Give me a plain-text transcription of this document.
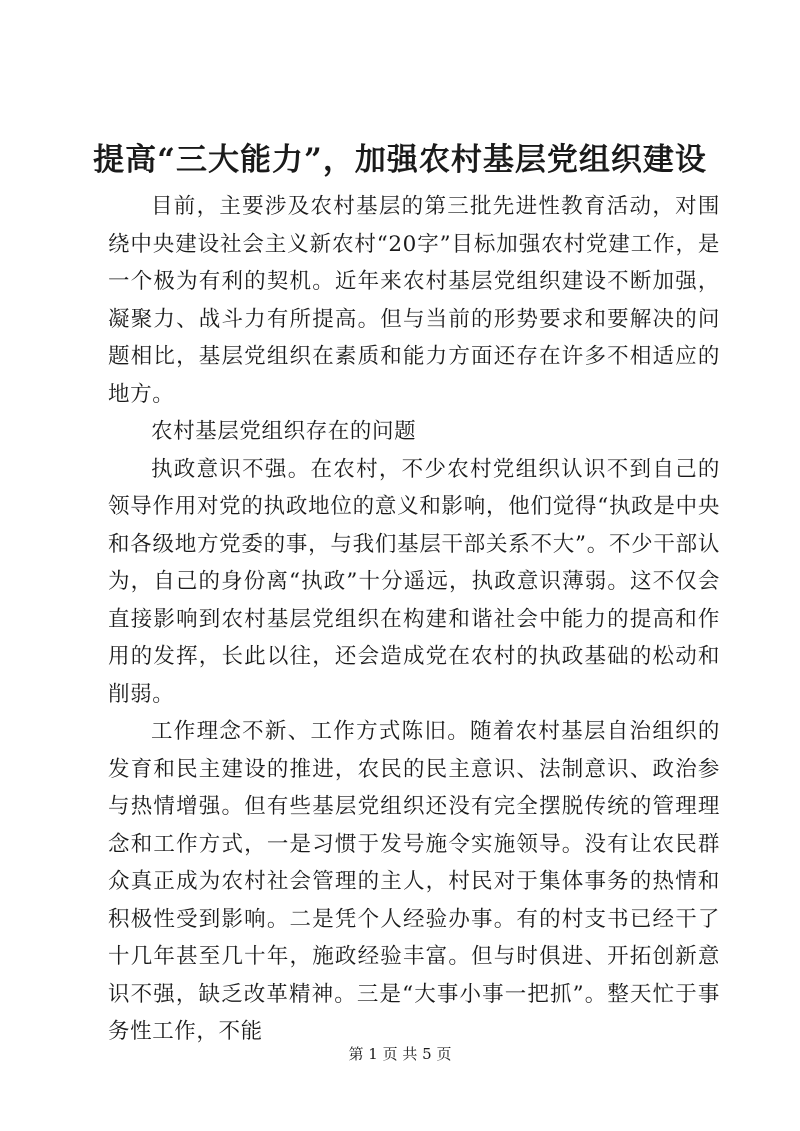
提高“三大能力”，加强农村基层党组织建设

目前，主要涉及农村基层的第三批先进性教育活动，对围绕中央建设社会主义新农村“20字”目标加强农村党建工作，是一个极为有利的契机。近年来农村基层党组织建设不断加强，凝聚力、战斗力有所提高。但与当前的形势要求和要解决的问题相比，基层党组织在素质和能力方面还存在许多不相适应的地方。

农村基层党组织存在的问题

执政意识不强。在农村，不少农村党组织认识不到自己的领导作用对党的执政地位的意义和影响，他们觉得“执政是中央和各级地方党委的事，与我们基层干部关系不大”。不少干部认为，自己的身份离“执政”十分遥远，执政意识薄弱。这不仅会直接影响到农村基层党组织在构建和谐社会中能力的提高和作用的发挥，长此以往，还会造成党在农村的执政基础的松动和削弱。

工作理念不新、工作方式陈旧。随着农村基层自治组织的发育和民主建设的推进，农民的民主意识、法制意识、政治参与热情增强。但有些基层党组织还没有完全摆脱传统的管理理念和工作方式，一是习惯于发号施令实施领导。没有让农民群众真正成为农村社会管理的主人，村民对于集体事务的热情和积极性受到影响。二是凭个人经验办事。有的村支书已经干了十几年甚至几十年，施政经验丰富。但与时俱进、开拓创新意识不强，缺乏改革精神。三是“大事小事一把抓”。整天忙于事务性工作，不能

第 1 页 共 5 页
